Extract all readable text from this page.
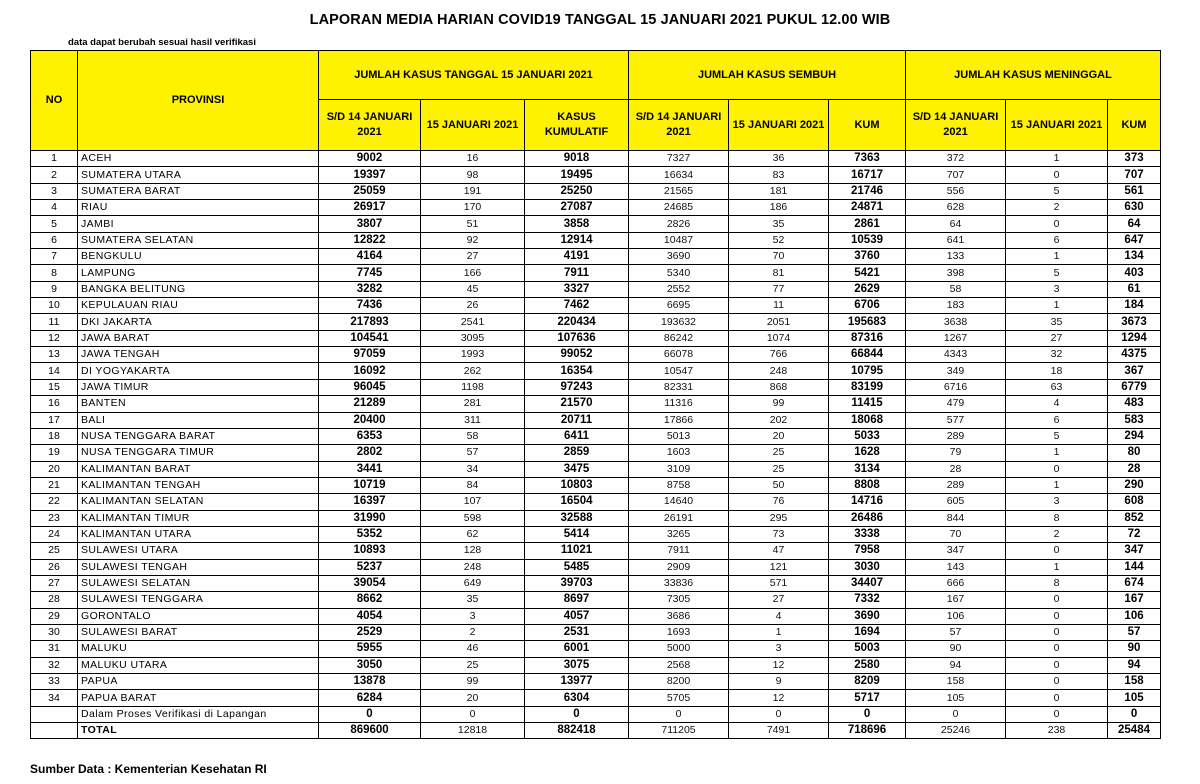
LAPORAN MEDIA HARIAN COVID19 TANGGAL 15 JANUARI 2021 PUKUL 12.00 WIB
data dapat berubah sesuai hasil verifikasi
NO	PROVINSI	JUMLAH KASUS TANGGAL 15 JANUARI 2021			JUMLAH KASUS SEMBUH			JUMLAH KASUS MENINGGAL		
		S/D 14 JANUARI 2021	15 JANUARI 2021	KASUS KUMULATIF	S/D 14 JANUARI 2021	15 JANUARI 2021	KUM	S/D 14 JANUARI 2021	15 JANUARI 2021	KUM
1	ACEH	9002	16	9018	7327	36	7363	372	1	373
2	SUMATERA UTARA	19397	98	19495	16634	83	16717	707	0	707
3	SUMATERA BARAT	25059	191	25250	21565	181	21746	556	5	561
4	RIAU	26917	170	27087	24685	186	24871	628	2	630
5	JAMBI	3807	51	3858	2826	35	2861	64	0	64
6	SUMATERA SELATAN	12822	92	12914	10487	52	10539	641	6	647
7	BENGKULU	4164	27	4191	3690	70	3760	133	1	134
8	LAMPUNG	7745	166	7911	5340	81	5421	398	5	403
9	BANGKA BELITUNG	3282	45	3327	2552	77	2629	58	3	61
10	KEPULAUAN RIAU	7436	26	7462	6695	11	6706	183	1	184
11	DKI JAKARTA	217893	2541	220434	193632	2051	195683	3638	35	3673
12	JAWA BARAT	104541	3095	107636	86242	1074	87316	1267	27	1294
13	JAWA TENGAH	97059	1993	99052	66078	766	66844	4343	32	4375
14	DI YOGYAKARTA	16092	262	16354	10547	248	10795	349	18	367
15	JAWA TIMUR	96045	1198	97243	82331	868	83199	6716	63	6779
16	BANTEN	21289	281	21570	11316	99	11415	479	4	483
17	BALI	20400	311	20711	17866	202	18068	577	6	583
18	NUSA TENGGARA BARAT	6353	58	6411	5013	20	5033	289	5	294
19	NUSA TENGGARA TIMUR	2802	57	2859	1603	25	1628	79	1	80
20	KALIMANTAN BARAT	3441	34	3475	3109	25	3134	28	0	28
21	KALIMANTAN TENGAH	10719	84	10803	8758	50	8808	289	1	290
22	KALIMANTAN SELATAN	16397	107	16504	14640	76	14716	605	3	608
23	KALIMANTAN TIMUR	31990	598	32588	26191	295	26486	844	8	852
24	KALIMANTAN UTARA	5352	62	5414	3265	73	3338	70	2	72
25	SULAWESI UTARA	10893	128	11021	7911	47	7958	347	0	347
26	SULAWESI TENGAH	5237	248	5485	2909	121	3030	143	1	144
27	SULAWESI SELATAN	39054	649	39703	33836	571	34407	666	8	674
28	SULAWESI TENGGARA	8662	35	8697	7305	27	7332	167	0	167
29	GORONTALO	4054	3	4057	3686	4	3690	106	0	106
30	SULAWESI BARAT	2529	2	2531	1693	1	1694	57	0	57
31	MALUKU	5955	46	6001	5000	3	5003	90	0	90
32	MALUKU UTARA	3050	25	3075	2568	12	2580	94	0	94
33	PAPUA	13878	99	13977	8200	9	8209	158	0	158
34	PAPUA BARAT	6284	20	6304	5705	12	5717	105	0	105
	Dalam Proses Verifikasi di Lapangan	0	0	0	0	0	0	0	0	0
	TOTAL	869600	12818	882418	711205	7491	718696	25246	238	25484
Sumber Data : Kementerian Kesehatan RI
